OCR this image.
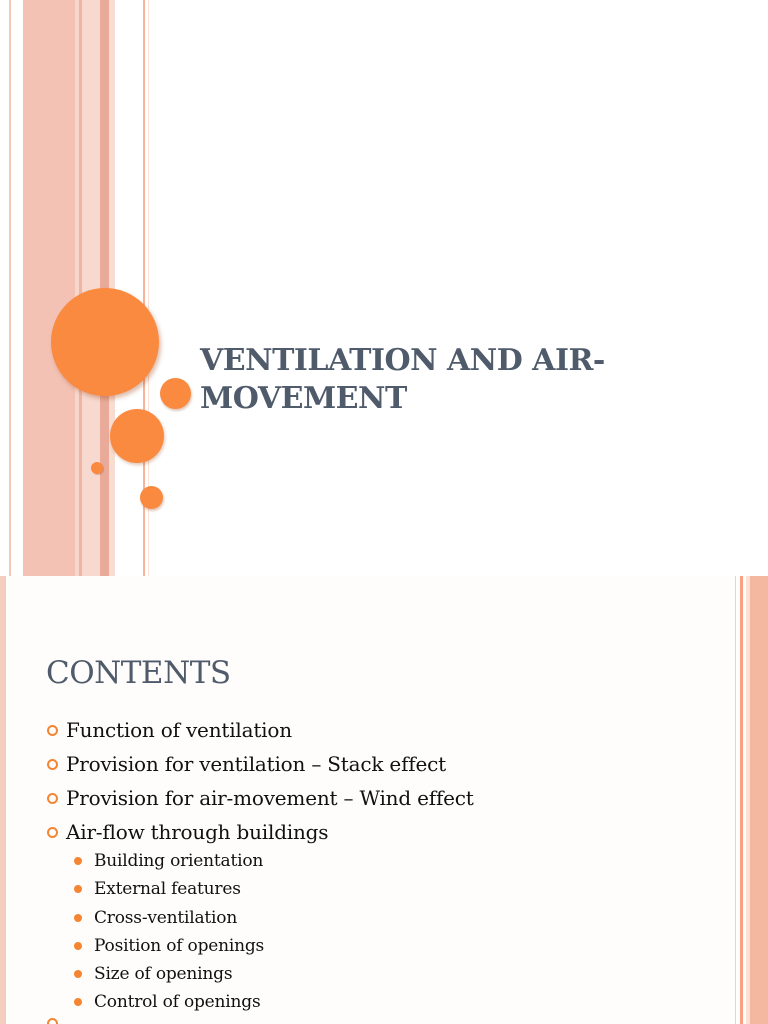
VENTILATION AND AIR-
MOVEMENT
CONTENTS
Function of ventilation
Provision for ventilation – Stack effect
Provision for air-movement – Wind effect
Air-flow through buildings
Building orientation
External features
Cross-ventilation
Position of openings
Size of openings
Control of openings
